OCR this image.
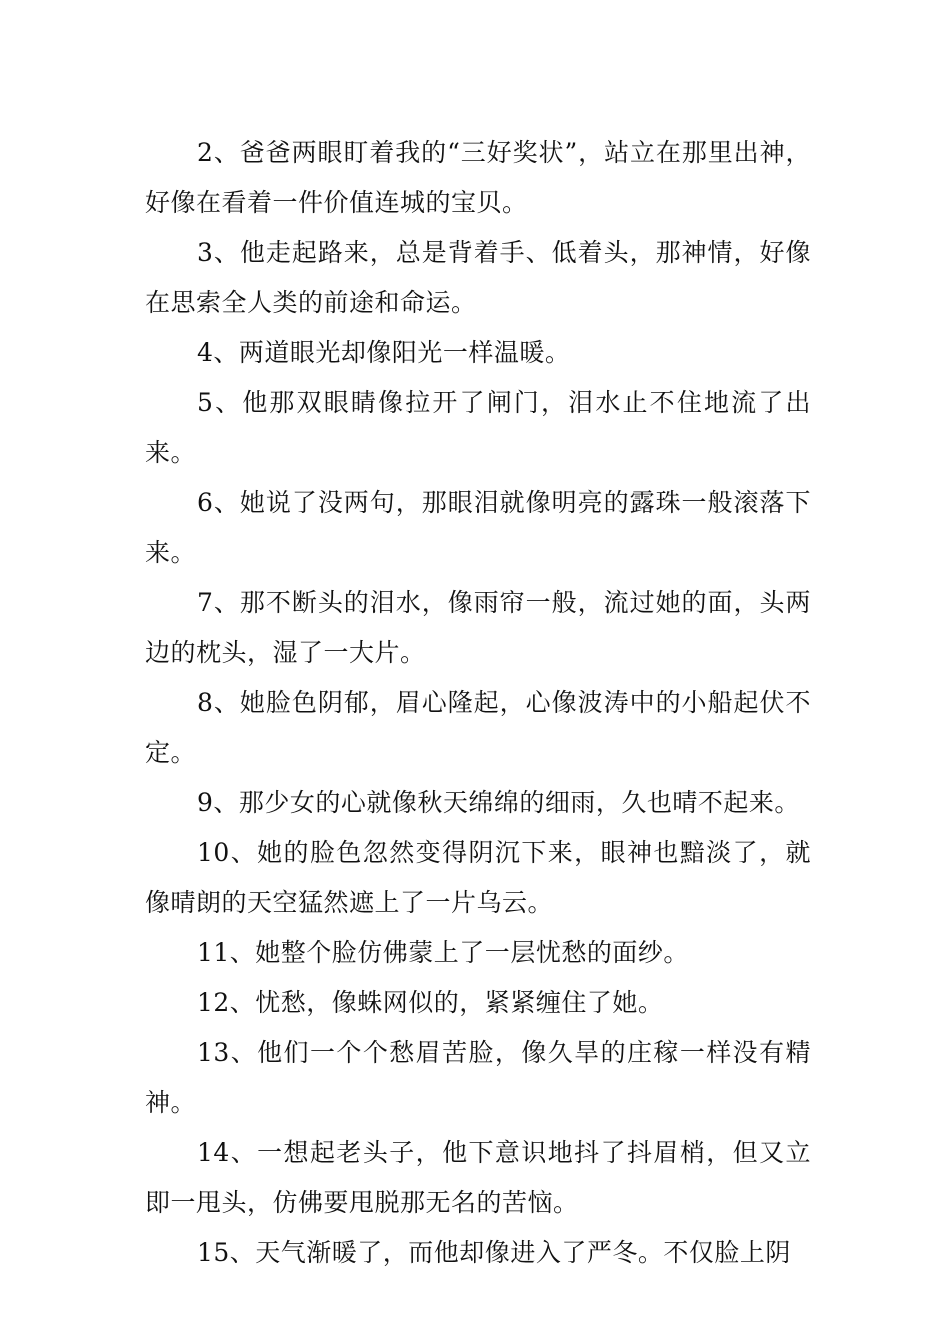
2、爸爸两眼盯着我的“三好奖状”，站立在那里出神，好像在看着一件价值连城的宝贝。

3、他走起路来，总是背着手、低着头，那神情，好像在思索全人类的前途和命运。

4、两道眼光却像阳光一样温暖。

5、他那双眼睛像拉开了闸门，泪水止不住地流了出来。

6、她说了没两句，那眼泪就像明亮的露珠一般滚落下来。

7、那不断头的泪水，像雨帘一般，流过她的面，头两边的枕头，湿了一大片。

8、她脸色阴郁，眉心隆起，心像波涛中的小船起伏不定。

9、那少女的心就像秋天绵绵的细雨，久也晴不起来。

10、她的脸色忽然变得阴沉下来，眼神也黯淡了，就像晴朗的天空猛然遮上了一片乌云。

11、她整个脸仿佛蒙上了一层忧愁的面纱。

12、忧愁，像蛛网似的，紧紧缠住了她。

13、他们一个个愁眉苦脸，像久旱的庄稼一样没有精神。

14、一想起老头子，他下意识地抖了抖眉梢，但又立即一甩头，仿佛要甩脱那无名的苦恼。

15、天气渐暖了，而他却像进入了严冬。不仅脸上阴
